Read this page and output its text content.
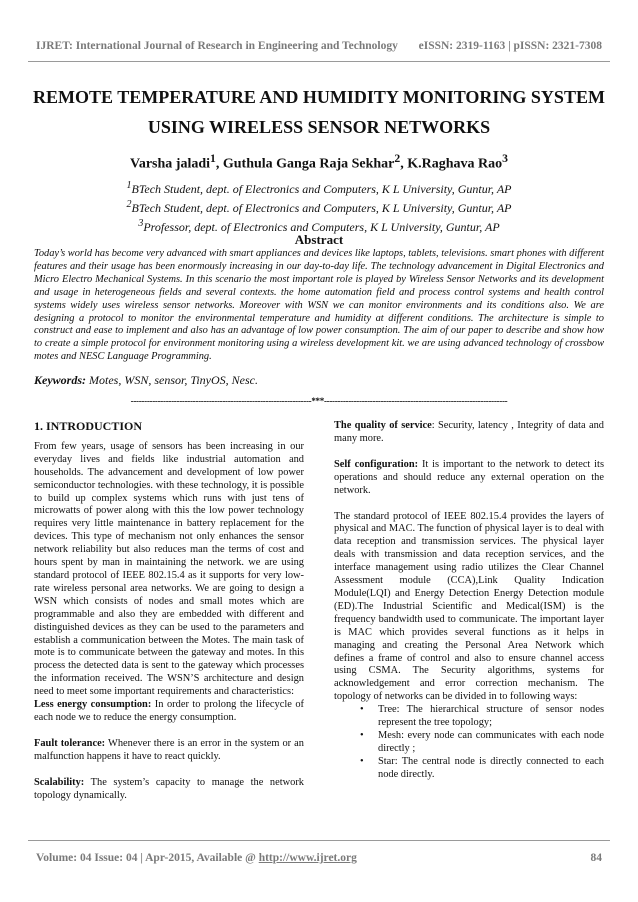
IJRET: International Journal of Research in Engineering and Technology eISSN: 2319-1163 | pISSN: 2321-7308
REMOTE TEMPERATURE AND HUMIDITY MONITORING SYSTEM
USING WIRELESS SENSOR NETWORKS
Varsha jaladi$^1$, Guthula Ganga Raja Sekhar$^2$, K.Raghava Rao$^3$
$^1$BTech Student, dept. of Electronics and Computers, K L University, Guntur, AP
$^2$BTech Student, dept. of Electronics and Computers, K L University, Guntur, AP
$^3$Professor, dept. of Electronics and Computers, K L University, Guntur, AP
Abstract

Today’s world has become very advanced with smart appliances and devices like laptops, tablets, televisions. smart phones with different features and their usage has been enormously increasing in our day-to-day life. The technology advancement in Digital Electronics and Micro Electro Mechanical Systems. In this scenario the most important role is played by Wireless Sensor Networks and its development and usage in heterogeneous fields and several contexts. the home automation field and process control systems and health control systems widely uses wireless sensor networks. Moreover with WSN we can monitor environments and its conditions also. We are designing a protocol to monitor the environmental temperature and humidity at different conditions. The architecture is simple to construct and ease to implement and also has an advantage of low power consumption. The aim of our paper to describe and show how to create a simple protocol for environment monitoring using a wireless development kit. we are using advanced technology of crossbow motes and NESC Language Programming.

Keywords: Motes, WSN, sensor, TinyOS, Nesc.
-------------------------------------------------------------------***--------------------------------------------------------------------
1. INTRODUCTION

From few years, usage of sensors has been increasing in our everyday lives and fields like industrial automation and households. The advancement and development of low power semiconductor technologies. with these technology, it is possible to build up complex systems which runs with just tens of microwatts of power along with this the low power technology requires very little maintenance in battery replacement for the devices. This type of mechanism not only enhances the sensor network reliability but also reduces man the terms of cost and hours spent by man in maintaining the network. we are using standard protocol of IEEE 802.15.4 as it supports for very low-rate wireless personal area networks. We are going to design a WSN which consists of nodes and small motes which are programmable and also they are embedded with different and distinguished devices as they can be used to the parameters and establish a communication between the Motes. The main task of mote is to communicate between the gateway and motes. In this process the detected data is sent to the gateway which processes the information received. The WSN’S architecture and design need to meet some important requirements and characteristics:

Less energy consumption: In order to prolong the lifecycle of each node we to reduce the energy consumption.

Fault tolerance: Whenever there is an error in the system or an malfunction happens it have to react quickly.

Scalability: The system’s capacity to manage the network topology dynamically.

The quality of service: Security, latency , Integrity of data and many more.

Self configuration: It is important to the network to detect its operations and should reduce any external operation on the network.

The standard protocol of IEEE 802.15.4 provides the layers of physical and MAC. The function of physical layer is to deal with data reception and transmission services. The physical layer deals with transmission and data reception services, and the interface management using radio utilizes the Clear Channel Assessment module (CCA),Link Quality Indication Module(LQI) and Energy Detection Energy Detection module (ED).The Industrial Scientific and Medical(ISM) is the frequency bandwidth used to communicate. The important layer is MAC which provides several functions as it helps in managing and creating the Personal Area Network which defines a frame of control and also to ensure channel access using CSMA. The Security algorithms, systems for acknowledgement and error correction mechanism. The topology of networks can be divided in to following ways:

• Tree: The hierarchical structure of sensor nodes represent the tree topology;
• Mesh: every node can communicates with each node directly ;
• Star: The central node is directly connected to each node directly.
Volume: 04 Issue: 04 | Apr-2015, Available @ http://www.ijret.org	84
